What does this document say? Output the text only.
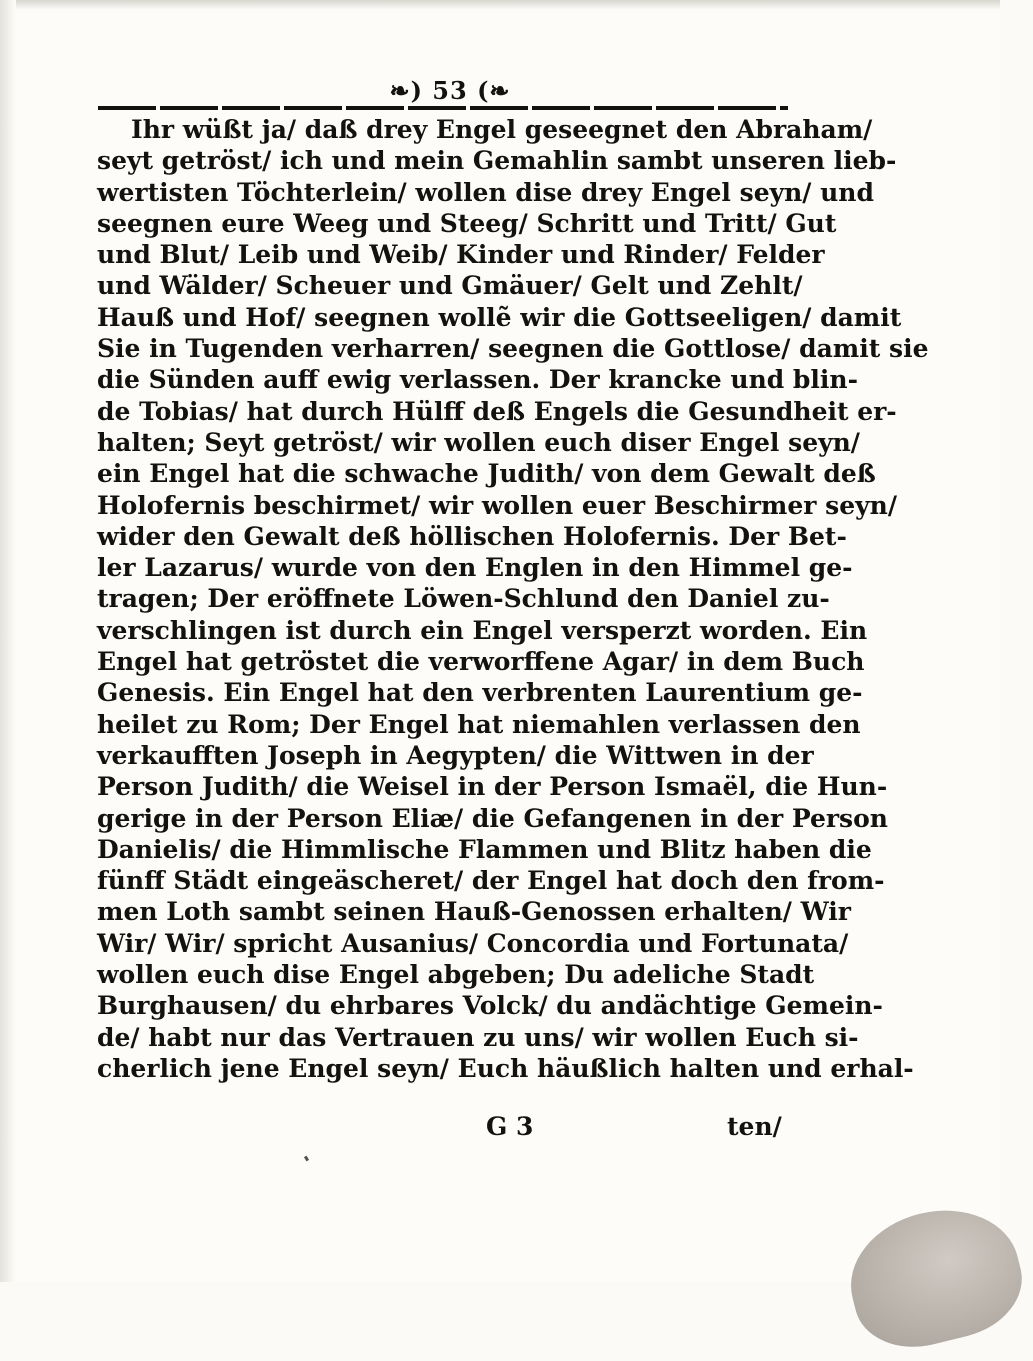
❧) 53 (❧
Ihr wüßt ja/ daß drey Engel geseegnet den Abraham/
seyt getröst/ ich und mein Gemahlin sambt unseren lieb-
wertisten Töchterlein/ wollen dise drey Engel seyn/ und
seegnen eure Weeg und Steeg/ Schritt und Tritt/ Gut
und Blut/ Leib und Weib/ Kinder und Rinder/ Felder
und Wälder/ Scheuer und Gmäuer/ Gelt und Zehlt/
Hauß und Hof/ seegnen wollẽ wir die Gottseeligen/ damit
Sie in Tugenden verharren/ seegnen die Gottlose/ damit sie
die Sünden auff ewig verlassen. Der krancke und blin-
de Tobias/ hat durch Hülff deß Engels die Gesundheit er-
halten; Seyt getröst/ wir wollen euch diser Engel seyn/
ein Engel hat die schwache Judith/ von dem Gewalt deß
Holofernis beschirmet/ wir wollen euer Beschirmer seyn/
wider den Gewalt deß höllischen Holofernis. Der Bet-
ler Lazarus/ wurde von den Englen in den Himmel ge-
tragen; Der eröffnete Löwen-Schlund den Daniel zu-
verschlingen ist durch ein Engel versperzt worden. Ein
Engel hat getröstet die verworffene Agar/ in dem Buch
Genesis. Ein Engel hat den verbrenten Laurentium ge-
heilet zu Rom; Der Engel hat niemahlen verlassen den
verkaufften Joseph in Aegypten/ die Wittwen in der
Person Judith/ die Weisel in der Person Ismaël, die Hun-
gerige in der Person Eliæ/ die Gefangenen in der Person
Danielis/ die Himmlische Flammen und Blitz haben die
fünff Städt eingeäscheret/ der Engel hat doch den from-
men Loth sambt seinen Hauß-Genossen erhalten/ Wir
Wir/ Wir/ spricht Ausanius/ Concordia und Fortunata/
wollen euch dise Engel abgeben; Du adeliche Stadt
Burghausen/ du ehrbares Volck/ du andächtige Gemein-
de/ habt nur das Vertrauen zu uns/ wir wollen Euch si-
cherlich jene Engel seyn/ Euch häußlich halten und erhal-
G 3	ten/
